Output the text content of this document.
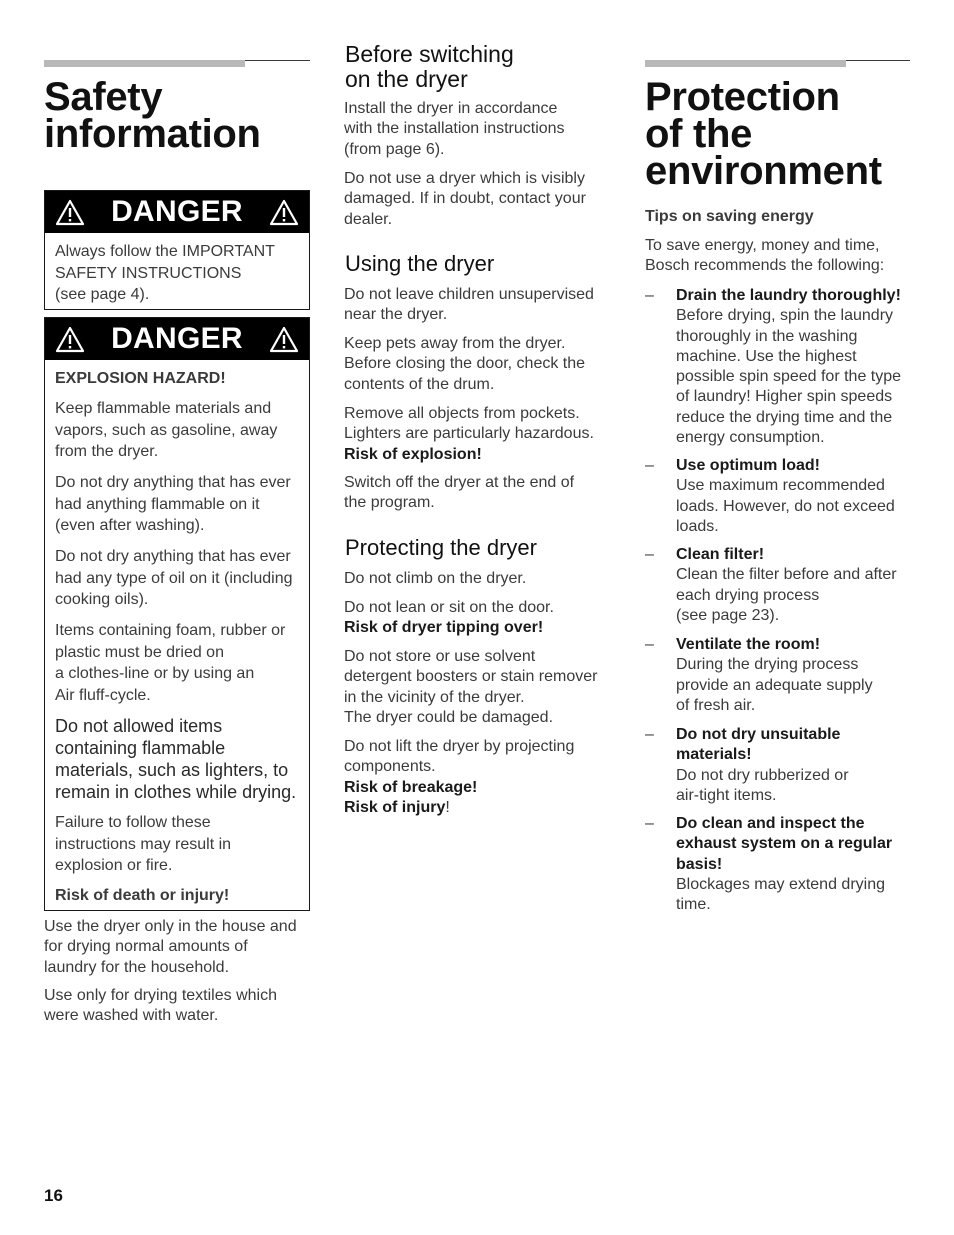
Safety
information
DANGER

Always follow the IMPORTANT
SAFETY INSTRUCTIONS
(see page 4).

DANGER

EXPLOSION HAZARD!

Keep flammable materials and
vapors, such as gasoline, away
from the dryer.

Do not dry anything that has ever
had anything flammable on it
(even after washing).

Do not dry anything that has ever
had any type of oil on it (including
cooking oils).

Items containing foam, rubber or
plastic must be dried on
a clothes-line or by using an
Air fluff-cycle.

Do not allowed items
containing flammable
materials, such as lighters, to
remain in clothes while drying.

Failure to follow these
instructions may result in
explosion or fire.

Risk of death or injury!

Use the dryer only in the house and
for drying normal amounts of
laundry for the household.

Use only for drying textiles which
were washed with water.

Before switching
on the dryer

Install the dryer in accordance
with the installation instructions
(from page 6).

Do not use a dryer which is visibly
damaged. If in doubt, contact your
dealer.

Using the dryer

Do not leave children unsupervised
near the dryer.

Keep pets away from the dryer.
Before closing the door, check the
contents of the drum.

Remove all objects from pockets.
Lighters are particularly hazardous.
Risk of explosion!

Switch off the dryer at the end of
the program.

Protecting the dryer

Do not climb on the dryer.

Do not lean or sit on the door.
Risk of dryer tipping over!

Do not store or use solvent
detergent boosters or stain remover
in the vicinity of the dryer.
The dryer could be damaged.

Do not lift the dryer by projecting
components.
Risk of breakage!
Risk of injury!

Protection
of the
environment

Tips on saving energy

To save energy, money and time,
Bosch recommends the following:

– Drain the laundry thoroughly!
Before drying, spin the laundry
thoroughly in the washing
machine. Use the highest
possible spin speed for the type
of laundry! Higher spin speeds
reduce the drying time and the
energy consumption.
– Use optimum load!
Use maximum recommended
loads. However, do not exceed
loads.
– Clean filter!
Clean the filter before and after
each drying process
(see page 23).
– Ventilate the room!
During the drying process
provide an adequate supply
of fresh air.
– Do not dry unsuitable
materials!
Do not dry rubberized or
air-tight items.
– Do clean and inspect the
exhaust system on a regular
basis!
Blockages may extend drying
time.
16
